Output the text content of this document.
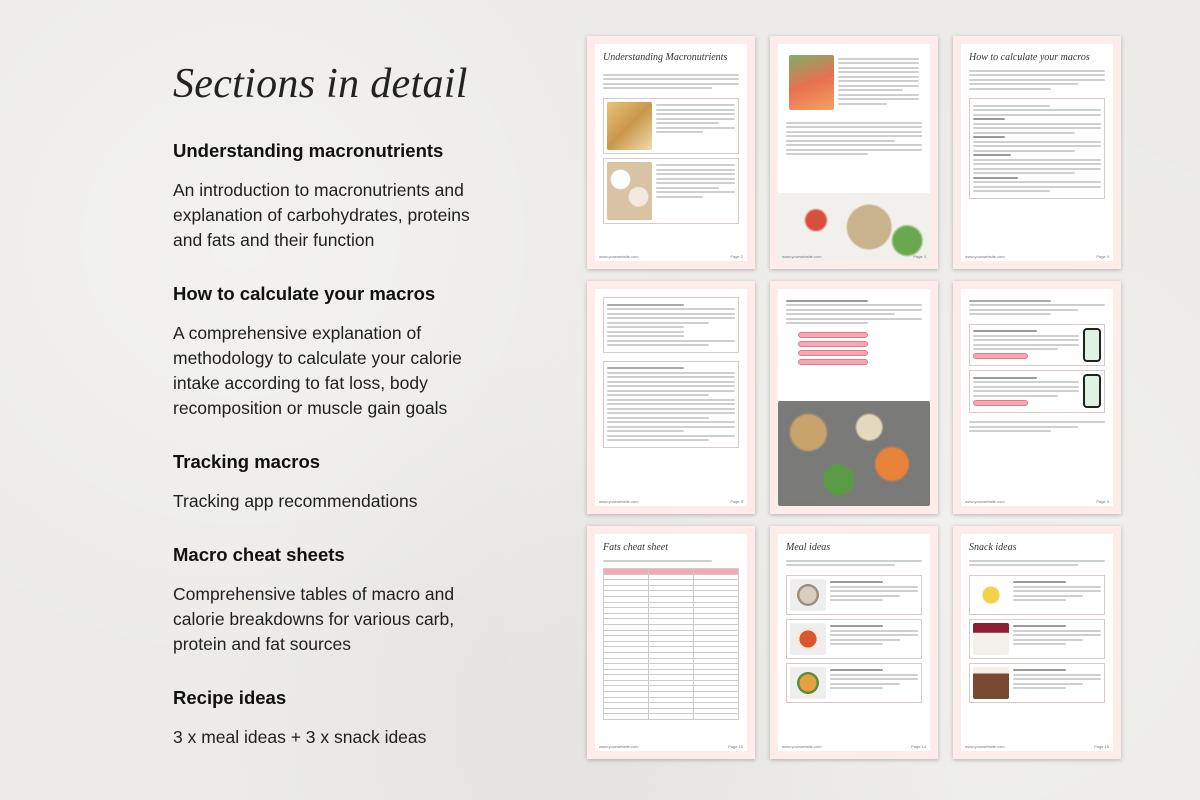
Sections in detail
Understanding macronutrients

An introduction to macronutrients and explanation of carbohydrates, proteins and fats and their function

How to calculate your macros

A comprehensive explanation of methodology to calculate your calorie intake according to fat loss, body recomposition or muscle gain goals

Tracking macros

Tracking app recommendations

Macro cheat sheets

Comprehensive tables of macro and calorie breakdowns for various carb, protein and fat sources

Recipe ideas

3 x meal ideas + 3 x snack ideas

Understanding Macronutrients
www.yourwebsite.com	Page 2	www.yourwebsite.com	Page 3
How to calculate your macros
www.yourwebsite.com	Page 4
www.yourwebsite.com	Page 5	www.yourwebsite.com	Page 7	www.yourwebsite.com	Page 9
Fats cheat sheet

www.yourwebsite.com	Page 13
Meal ideas
www.yourwebsite.com	Page 14
Snack ideas
www.yourwebsite.com	Page 15
